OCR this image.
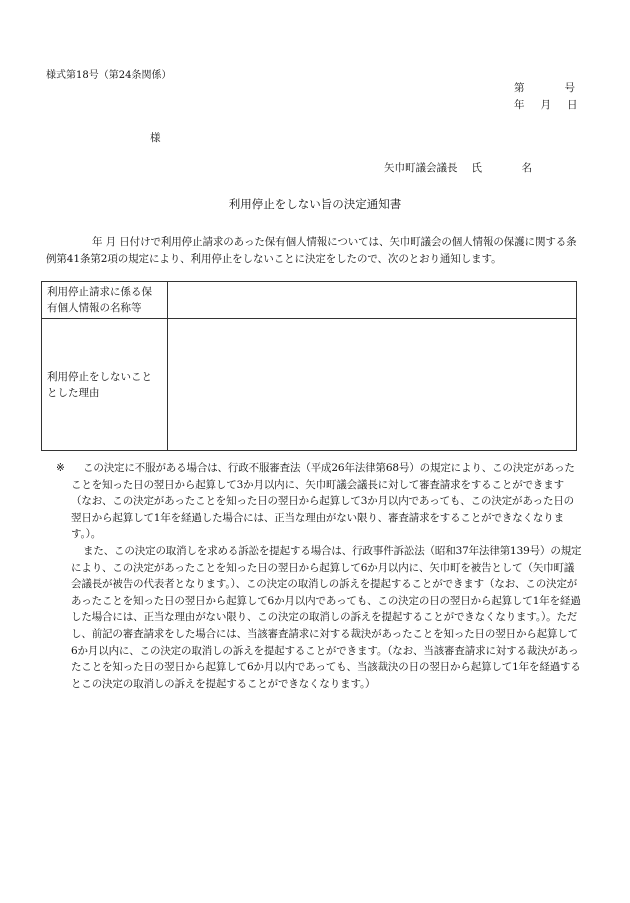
様式第18号（第24条関係）
第	号
年 月 日
様
矢巾町議会議長 氏	名
利用停止をしない旨の決定通知書
年 月 日付けで利用停止請求のあった保有個人情報については、矢巾町議会の個人情報の保護に関する条例第41条第2項の規定により、利用停止をしないことに決定をしたので、次のとおり通知します。
利用停止請求に係る保有個人情報の名称等	
利用停止をしないこととした理由	
※	この決定に不服がある場合は、行政不服審査法（平成26年法律第68号）の規定により、この決定があったことを知った日の翌日から起算して3か月以内に、矢巾町議会議長に対して審査請求をすることができます（なお、この決定があったことを知った日の翌日から起算して3か月以内であっても、この決定があった日の翌日から起算して1年を経過した場合には、正当な理由がない限り、審査請求をすることができなくなります。）。

また、この決定の取消しを求める訴訟を提起する場合は、行政事件訴訟法（昭和37年法律第139号）の規定により、この決定があったことを知った日の翌日から起算して6か月以内に、矢巾町を被告として（矢巾町議会議長が被告の代表者となります。）、この決定の取消しの訴えを提起することができます（なお、この決定があったことを知った日の翌日から起算して6か月以内であっても、この決定の日の翌日から起算して1年を経過した場合には、正当な理由がない限り、この決定の取消しの訴えを提起することができなくなります。）。ただし、前記の審査請求をした場合には、当該審査請求に対する裁決があったことを知った日の翌日から起算して6か月以内に、この決定の取消しの訴えを提起することができます。（なお、当該審査請求に対する裁決があったことを知った日の翌日から起算して6か月以内であっても、当該裁決の日の翌日から起算して1年を経過するとこの決定の取消しの訴えを提起することができなくなります。）
